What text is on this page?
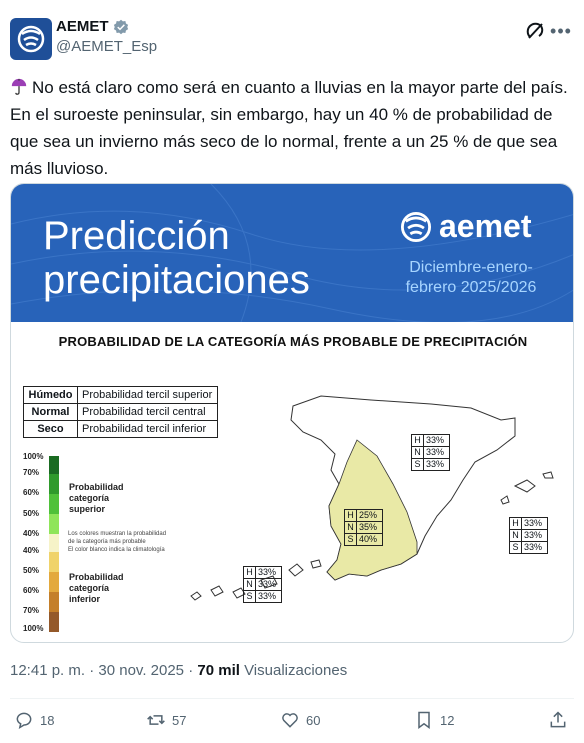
AEMET
@AEMET_Esp
•••
No está claro como será en cuanto a lluvias en la mayor parte del país. En el suroeste peninsular, sin embargo, hay un 40 % de probabilidad de que sea un invierno más seco de lo normal, frente a un 25 % de que sea más lluvioso.
Predicción
precipitaciones
aemet
Diciembre-enero-
febrero 2025/2026
PROBABILIDAD DE LA CATEGORÍA MÁS PROBABLE DE PRECIPITACIÓN
Húmedo	Probabilidad tercil superior
Normal	Probabilidad tercil central
Seco	Probabilidad tercil inferior
100%
70%
60%
50%
40%
40%
50%
60%
70%
100%
Probabilidad
categoría
superior
Los colores muestran la probabilidad
de la categoría más probable
El color blanco indica la climatología
Probabilidad
categoría
inferior
H	33%
N	33%
S	33%
H	25%
N	35%
S	40%
H	33%
N	33%
S	33%
H	33%
N	33%
S	33%
12:41 p. m. · 30 nov. 2025 · 70 mil Visualizaciones
18	57	60	12
